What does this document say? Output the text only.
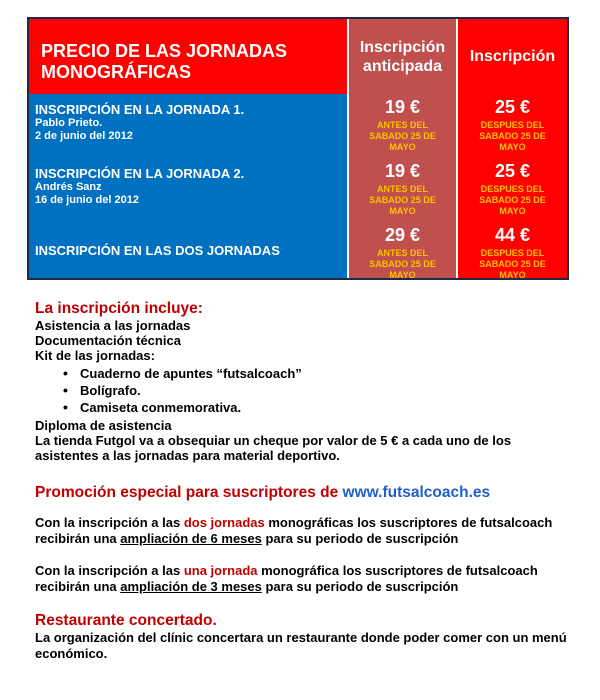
PRECIO DE LAS JORNADAS MONOGRÁFICAS
Inscripción anticipada
Inscripción
INSCRIPCIÓN EN LA JORNADA 1.
Pablo Prieto.
2 de junio del 2012
19 €
ANTES DEL SABADO 25 DE MAYO
25 €
DESPUES DEL SABADO 25 DE MAYO
INSCRIPCIÓN EN LA JORNADA 2.
Andrés Sanz
16 de junio del 2012
19 €
ANTES DEL SABADO 25 DE MAYO
25 €
DESPUES DEL SABADO 25 DE MAYO
INSCRIPCIÓN EN LAS DOS JORNADAS
29 €
ANTES DEL SABADO 25 DE MAYO
44 €
DESPUES DEL SABADO 25 DE MAYO
La inscripción incluye:
Asistencia a las jornadas
Documentación técnica
Kit de las jornadas:
• Cuaderno de apuntes “futsalcoach”
• Bolígrafo.
• Camiseta conmemorativa.
Diploma de asistencia
La tienda Futgol va a obsequiar un cheque por valor de 5 € a cada uno de los asistentes a las jornadas para material deportivo.
Promoción especial para suscriptores de www.futsalcoach.es
Con la inscripción a las dos jornadas monográficas los suscriptores de futsalcoach recibirán una ampliación de 6 meses para su periodo de suscripción
Con la inscripción a las una jornada monográfica los suscriptores de futsalcoach recibirán una ampliación de 3 meses para su periodo de suscripción
Restaurante concertado.
La organización del clínic concertara un restaurante donde poder comer con un menú económico.
